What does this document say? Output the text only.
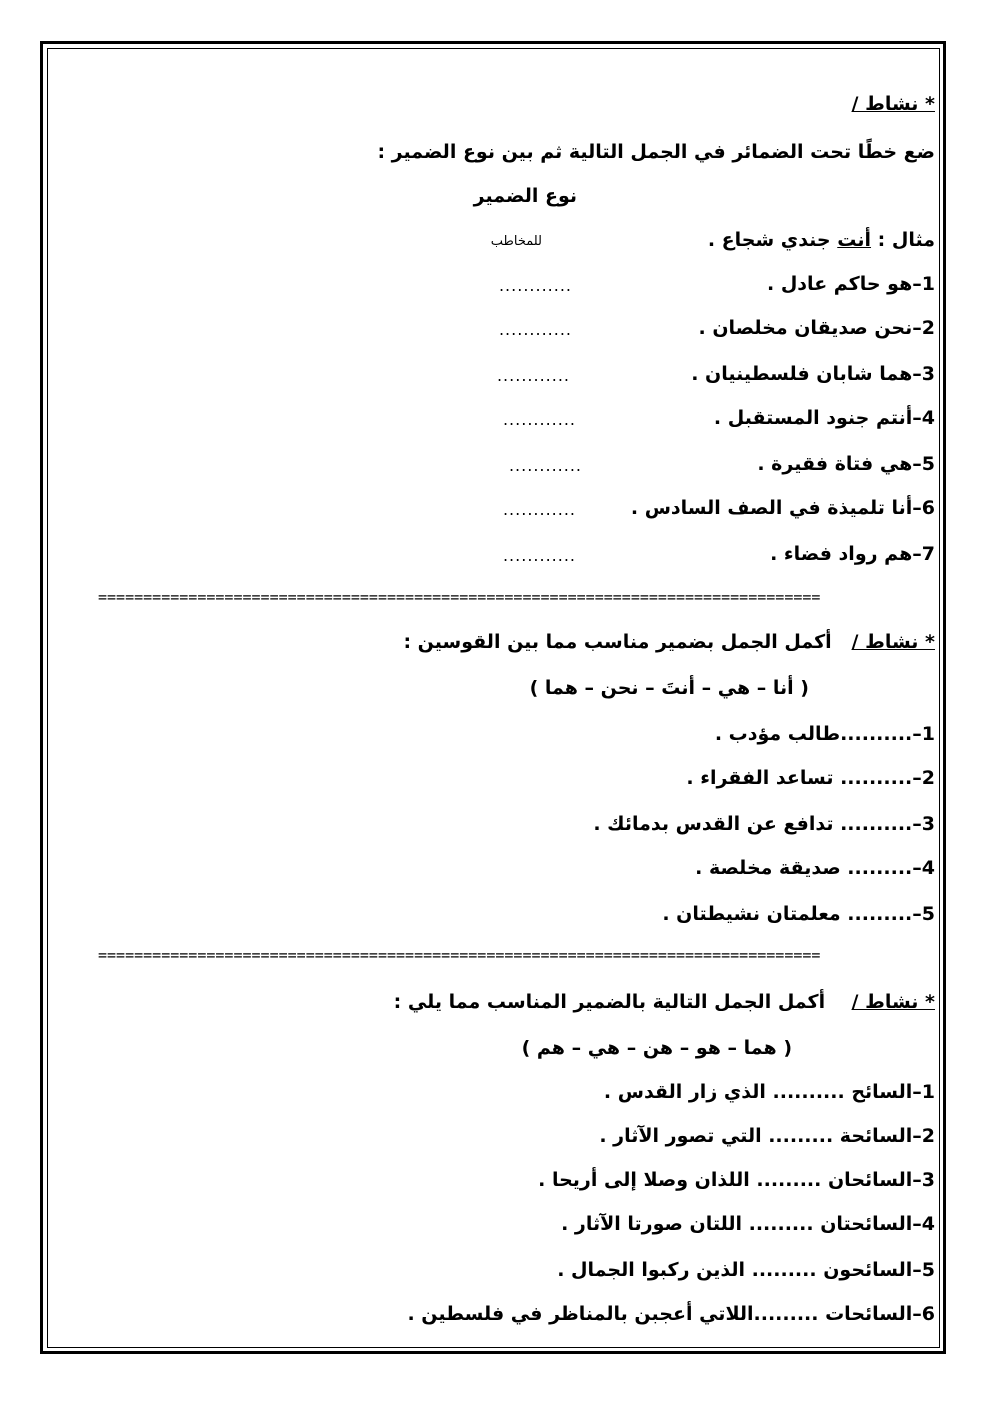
* نشاط /
ضع خطًا تحت الضمائر في الجمل التالية ثم بين نوع الضمير :
نوع الضمير
مثال : أنت جندي شجاع .
للمخاطب
1–هو حاكم عادل .
............
2–نحن صديقان مخلصان .
............
3–هما شابان فلسطينيان .
............
4–أنتم جنود المستقبل .
............
5–هي فتاة فقيرة .
............
6–أنا تلميذة في الصف السادس .
............
7–هم رواد فضاء .
............
================================================================================
* نشاط /   أكمل الجمل بضمير مناسب مما بين القوسين :
( أنا – هي – أنتَ – نحن – هما )
1–..........طالب مؤدب .
2–.......... تساعد الفقراء .
3–.......... تدافع عن القدس بدمائك .
4–......... صديقة مخلصة .
5–......... معلمتان نشيطتان .
================================================================================
* نشاط /    أكمل الجمل التالية بالضمير المناسب مما يلي :
( هما – هو – هن – هي – هم )
1–السائح .......... الذي زار القدس .
2–السائحة ......... التي تصور الآثار .
3–السائحان ......... اللذان وصلا إلى أريحا .
4–السائحتان ......... اللتان صورتا الآثار .
5–السائحون ......... الذين ركبوا الجمال .
6–السائحات .........اللاتي أعجبن بالمناظر في فلسطين .
